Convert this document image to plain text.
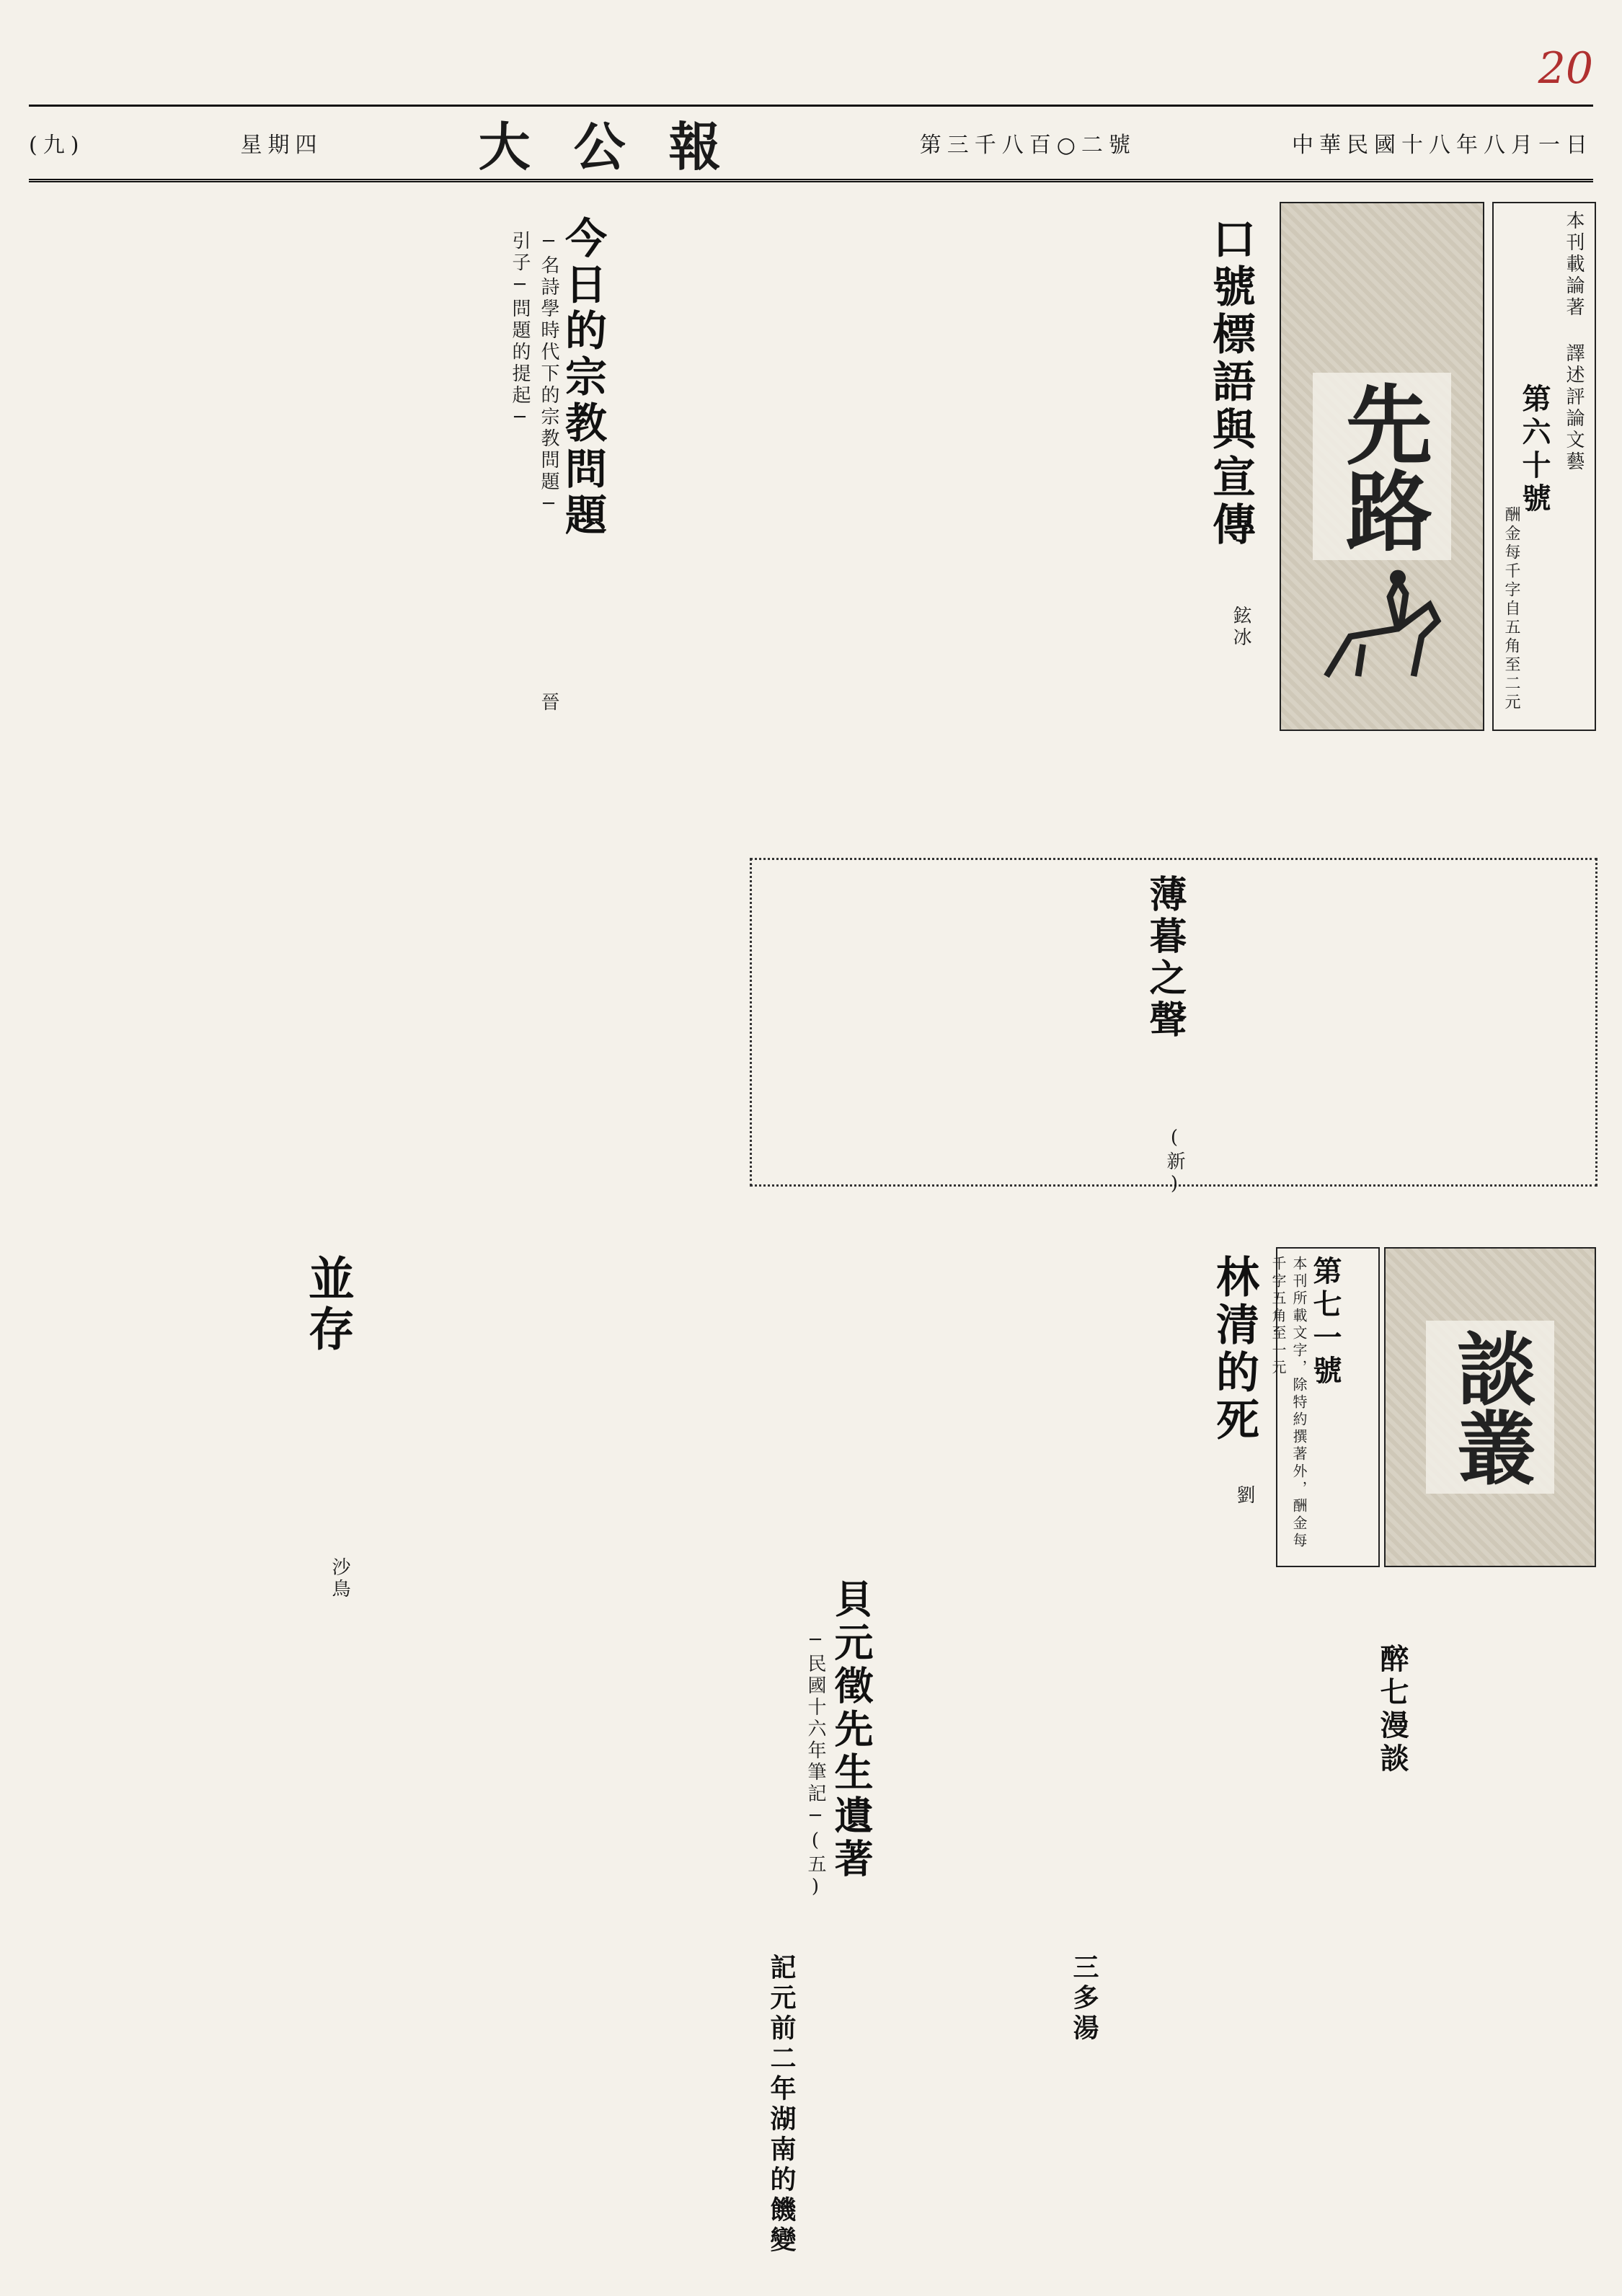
20
(九)	星期四	大公報	第三千八百○二號	中華民國十八年八月一日
先路	本刊載論著 譯述評論文藝
第六十號
酬金每千字自五角至二元
口號標語與宣傳
鉉冰
今日的宗教問題
─名詩學時代下的宗教問題─
引子─問題的提起─
晉
薄暮之聲
(新)
談叢
第七一號
本刊所載文字，除特約撰著外，酬金每千字五角至一元
林清的死
劉
並存
沙鳥	貝元徵先生遺著
─民國十六年筆記─(五)	醉七漫談
三多湯
記元前二年湖南的饑變
